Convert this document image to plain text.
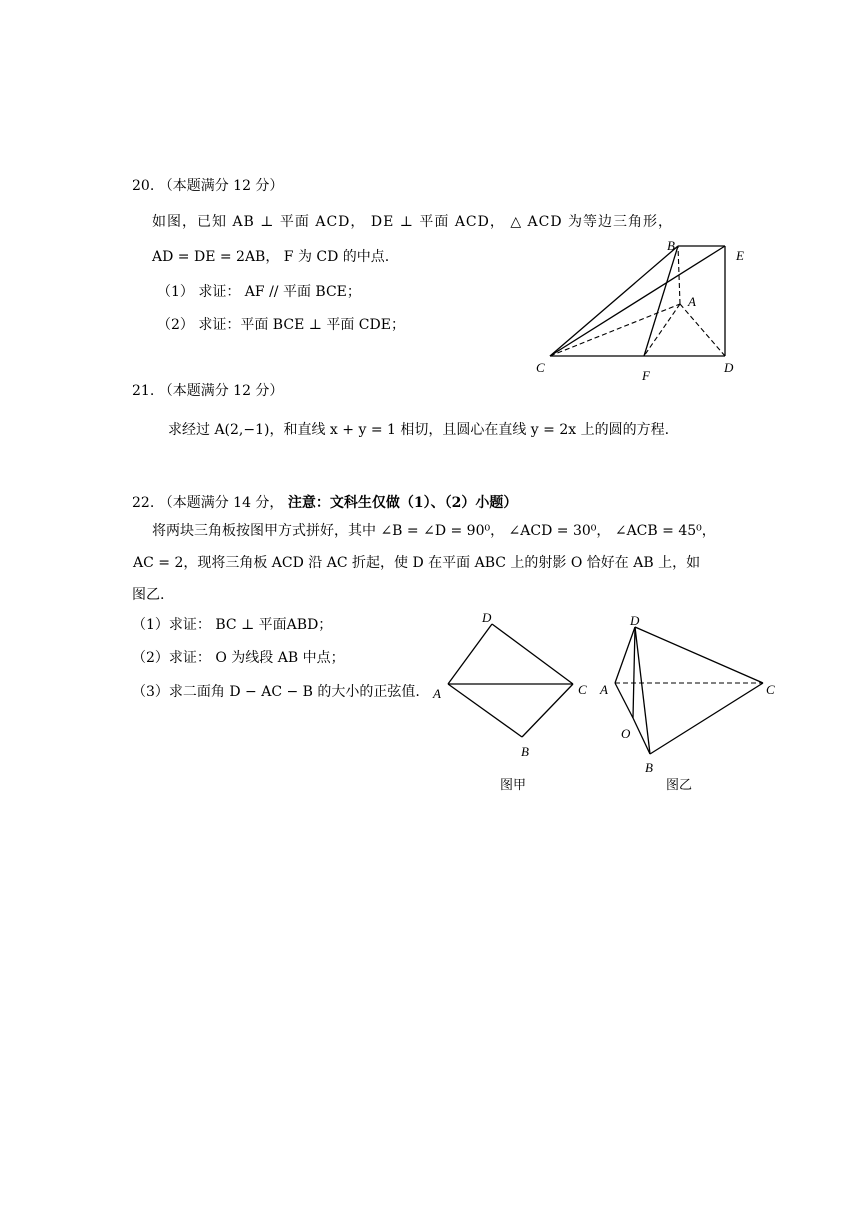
20. （本题满分 12 分）
如图，已知 AB ⊥ 平面 ACD， DE ⊥ 平面 ACD， △ ACD 为等边三角形，
AD = DE = 2AB， F 为 CD 的中点.
（1） 求证： AF // 平面 BCE；
（2） 求证：平面 BCE ⊥ 平面 CDE；
B
E
A
C
F
D
21. （本题满分 12 分）
求经过 A(2,−1)，和直线 x + y = 1 相切，且圆心在直线 y = 2x 上的圆的方程.
22. （本题满分 14 分， 注意：文科生仅做（1）、（2）小题）
将两块三角板按图甲方式拼好，其中 ∠B = ∠D = 90⁰， ∠ACD = 30⁰， ∠ACB = 45⁰，
AC = 2，现将三角板 ACD 沿 AC 折起，使 D 在平面 ABC 上的射影 O 恰好在 AB 上，如
图乙.
（1）求证： BC ⊥ 平面ABD；
（2）求证： O 为线段 AB 中点；
（3）求二面角 D − AC − B 的大小的正弦值.
D
A	C
B
图甲
D
A	C
O
B
图乙
